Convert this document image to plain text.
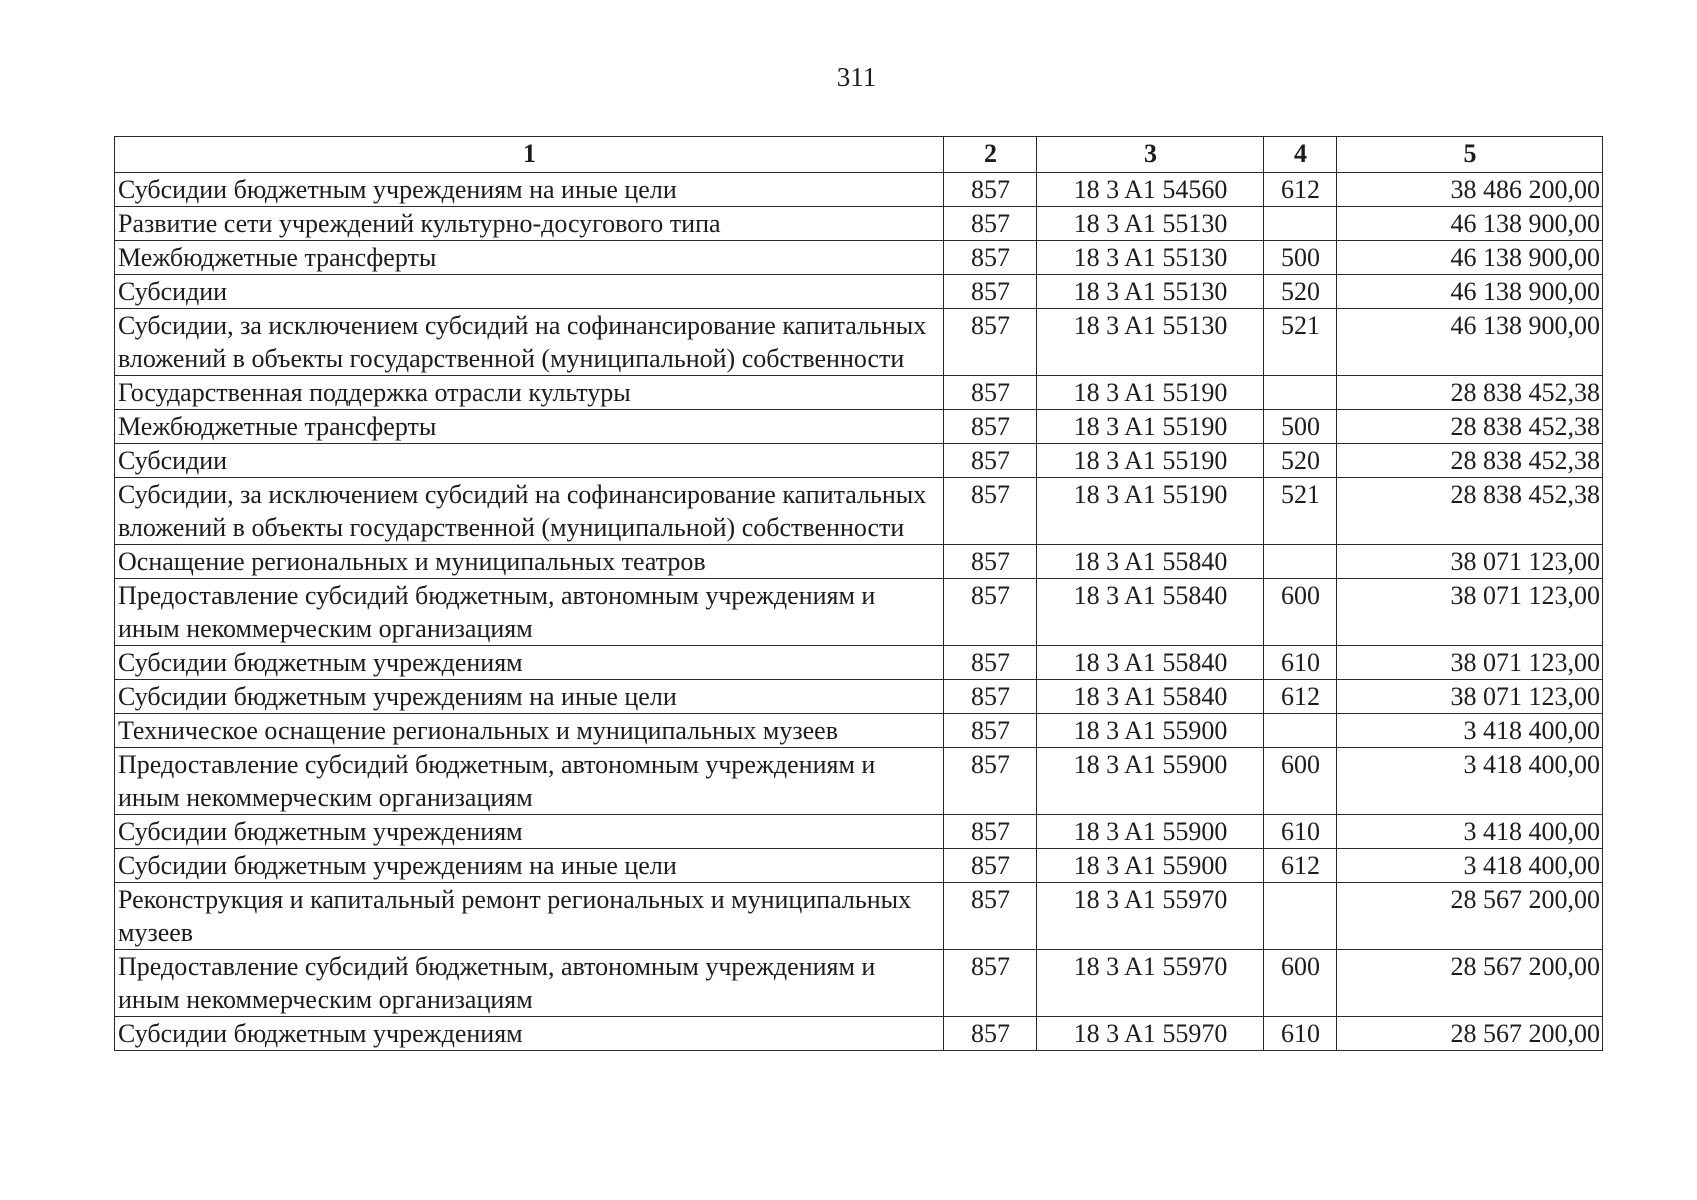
311
1	2	3	4	5
Субсидии бюджетным учреждениям на иные цели	857	18 3 A1 54560	612	38 486 200,00
Развитие сети учреждений культурно-досугового типа	857	18 3 A1 55130		46 138 900,00
Межбюджетные трансферты	857	18 3 A1 55130	500	46 138 900,00
Субсидии	857	18 3 A1 55130	520	46 138 900,00
Субсидии, за исключением субсидий на софинансирование капитальных вложений в объекты государственной (муниципальной) собственности	857	18 3 A1 55130	521	46 138 900,00
Государственная поддержка отрасли культуры	857	18 3 A1 55190		28 838 452,38
Межбюджетные трансферты	857	18 3 A1 55190	500	28 838 452,38
Субсидии	857	18 3 A1 55190	520	28 838 452,38
Субсидии, за исключением субсидий на софинансирование капитальных вложений в объекты государственной (муниципальной) собственности	857	18 3 A1 55190	521	28 838 452,38
Оснащение региональных и муниципальных театров	857	18 3 A1 55840		38 071 123,00
Предоставление субсидий бюджетным, автономным учреждениям и иным некоммерческим организациям	857	18 3 A1 55840	600	38 071 123,00
Субсидии бюджетным учреждениям	857	18 3 A1 55840	610	38 071 123,00
Субсидии бюджетным учреждениям на иные цели	857	18 3 A1 55840	612	38 071 123,00
Техническое оснащение региональных и муниципальных музеев	857	18 3 A1 55900		3 418 400,00
Предоставление субсидий бюджетным, автономным учреждениям и иным некоммерческим организациям	857	18 3 A1 55900	600	3 418 400,00
Субсидии бюджетным учреждениям	857	18 3 A1 55900	610	3 418 400,00
Субсидии бюджетным учреждениям на иные цели	857	18 3 A1 55900	612	3 418 400,00
Реконструкция и капитальный ремонт региональных и муниципальных музеев	857	18 3 A1 55970		28 567 200,00
Предоставление субсидий бюджетным, автономным учреждениям и иным некоммерческим организациям	857	18 3 A1 55970	600	28 567 200,00
Субсидии бюджетным учреждениям	857	18 3 A1 55970	610	28 567 200,00
